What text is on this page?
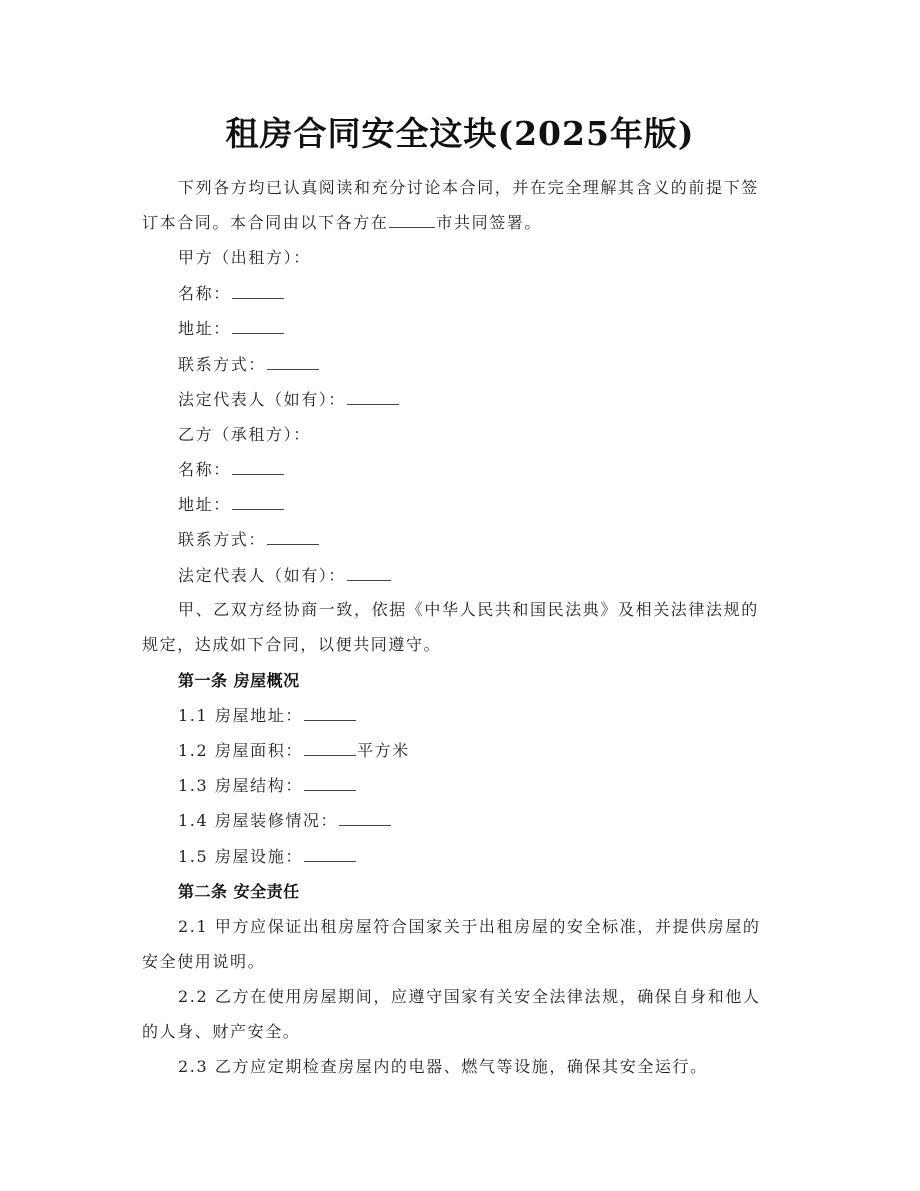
租房合同安全这块(2025年版)
下列各方均已认真阅读和充分讨论本合同，并在完全理解其含义的前提下签
订本合同。本合同由以下各方在	市共同签署。
甲方（出租方）：
名称：
地址：
联系方式：
法定代表人（如有）：
乙方（承租方）：
名称：
地址：
联系方式：
法定代表人（如有）：
甲、乙双方经协商一致，依据《中华人民共和国民法典》及相关法律法规的
规定，达成如下合同，以便共同遵守。
第一条 房屋概况
1.1 房屋地址：
1.2 房屋面积：	平方米
1.3 房屋结构：
1.4 房屋装修情况：
1.5 房屋设施：
第二条 安全责任
2.1 甲方应保证出租房屋符合国家关于出租房屋的安全标准，并提供房屋的
安全使用说明。
2.2 乙方在使用房屋期间，应遵守国家有关安全法律法规，确保自身和他人
的人身、财产安全。
2.3 乙方应定期检查房屋内的电器、燃气等设施，确保其安全运行。
